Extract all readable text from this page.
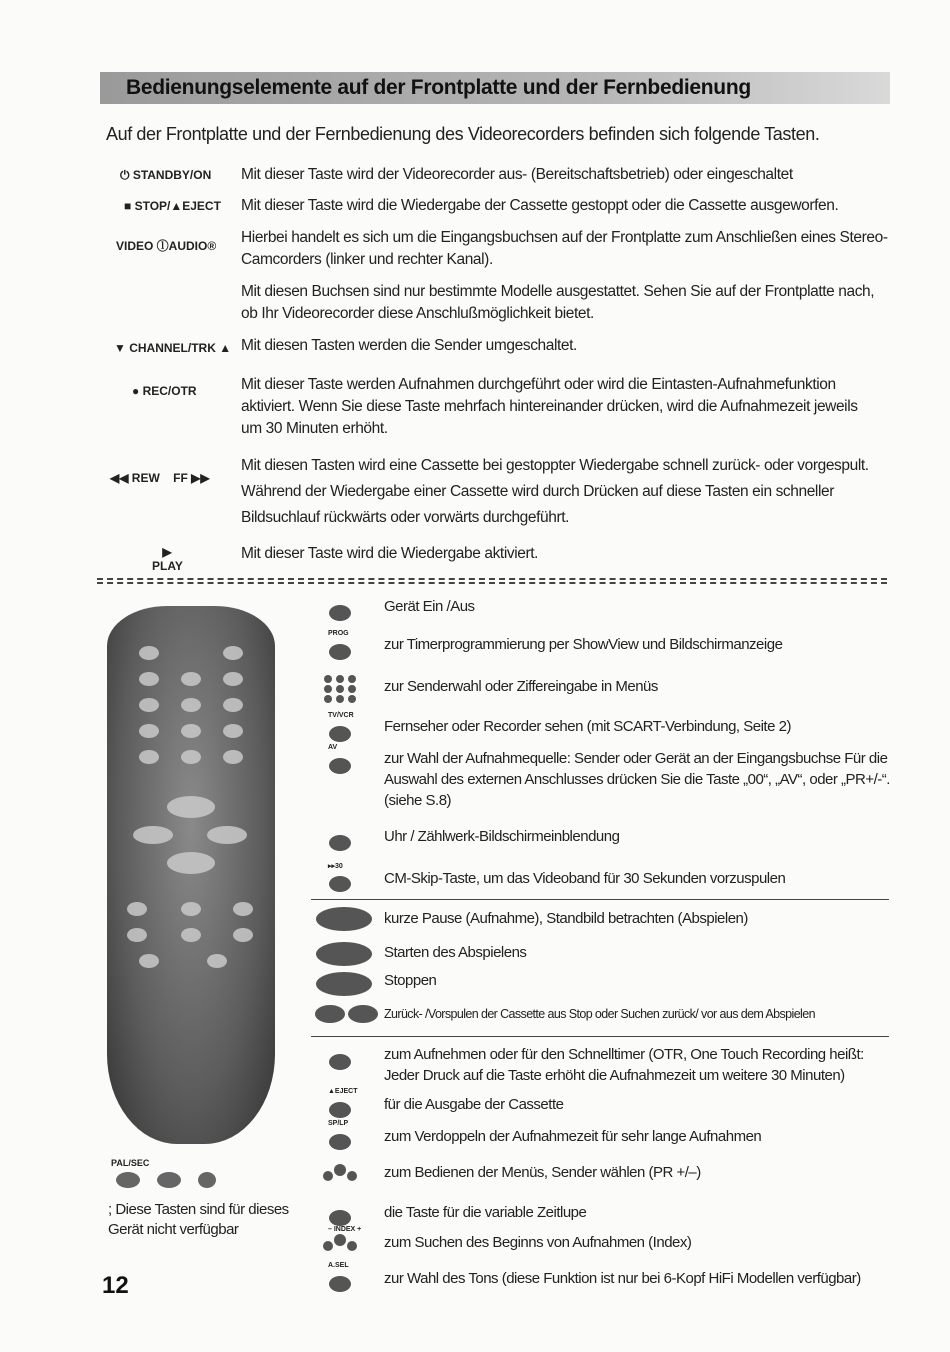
Bedienungselemente auf der Frontplatte und der Fernbedienung
Auf der Frontplatte und der Fernbedienung des Videorecorders befinden sich folgende Tasten.
⏻ STANDBY/ON Mit dieser Taste wird der Videorecorder aus- (Bereitschaftsbetrieb) oder eingeschaltet
■ STOP/▲EJECT Mit dieser Taste wird die Wiedergabe der Cassette gestoppt oder die Cassette ausgeworfen.
VIDEO ⓛAUDIO® Hierbei handelt es sich um die Eingangsbuchsen auf der Frontplatte zum Anschließen eines Stereo-Camcorders (linker und rechter Kanal).
Mit diesen Buchsen sind nur bestimmte Modelle ausgestattet. Sehen Sie auf der Frontplatte nach, ob Ihr Videorecorder diese Anschlußmöglichkeit bietet.
▼ CHANNEL/TRK ▲ Mit diesen Tasten werden die Sender umgeschaltet.
● REC/OTR	Mit dieser Taste werden Aufnahmen durchgeführt oder wird die Eintasten-Aufnahmefunktion aktiviert. Wenn Sie diese Taste mehrfach hintereinander drücken, wird die Aufnahmezeit jeweils um 30 Minuten erhöht.
◀◀ REW    FF ▶▶
Mit diesen Tasten wird eine Cassette bei gestoppter Wiedergabe schnell zurück- oder vorgespult. Während der Wiedergabe einer Cassette wird durch Drücken auf diese Tasten ein schneller Bildsuchlauf rückwärts oder vorwärts durchgeführt.
▶ PLAY
Mit dieser Taste wird die Wiedergabe aktiviert.
Gerät Ein /Aus
PROG
zur Timerprogrammierung per ShowView und Bildschirmanzeige
zur Senderwahl oder Ziffereingabe in Menüs
TV/VCR
Fernseher oder Recorder sehen (mit SCART-Verbindung, Seite 2)
AV
zur Wahl der Aufnahmequelle: Sender oder Gerät an der Eingangsbuchse Für die Auswahl des externen Anschlusses drücken Sie die Taste „00“, „AV“, oder „PR+/-“. (siehe S.8)
Uhr / Zählwerk-Bildschirmeinblendung
▸▸30
CM-Skip-Taste, um das Videoband für 30 Sekunden vorzuspulen
kurze Pause (Aufnahme), Standbild betrachten (Abspielen)
Starten des Abspielens
Stoppen
Zurück- /Vorspulen der Cassette aus Stop oder Suchen zurück/ vor aus dem Abspielen
zum Aufnehmen oder für den Schnelltimer (OTR, One Touch Recording heißt: Jeder Druck auf die Taste erhöht die Aufnahmezeit um weitere 30 Minuten)
▲EJECT
für die Ausgabe der Cassette
SP/LP
zum Verdoppeln der Aufnahmezeit für sehr lange Aufnahmen
zum Bedienen der Menüs, Sender wählen (PR +/–)
die Taste für die variable Zeitlupe
– INDEX +
zum Suchen des Beginns von Aufnahmen (Index)
A.SEL
zur Wahl des Tons (diese Funktion ist nur bei 6-Kopf HiFi Modellen verfügbar)
PAL/SEC
; Diese Tasten sind für dieses Gerät nicht verfügbar
12
